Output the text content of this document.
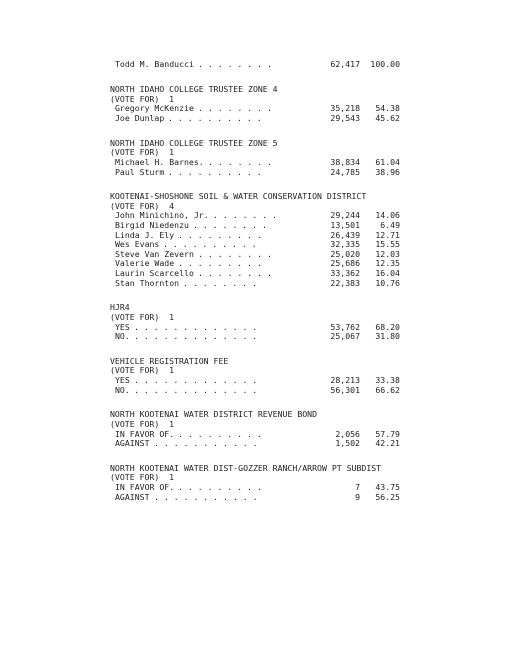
Todd M. Banducci . . . . . . . .	62,417 100.00
NORTH IDAHO COLLEGE TRUSTEE ZONE 4
(VOTE FOR)  1
Gregory McKenzie . . . . . . . .	35,218 54.38
Joe Dunlap . . . . . . . . . .	29,543 45.62
NORTH IDAHO COLLEGE TRUSTEE ZONE 5
(VOTE FOR)  1
Michael H. Barnes. . . . . . . .	38,834 61.04
Paul Sturm . . . . . . . . . .	24,785 38.96
KOOTENAI-SHOSHONE SOIL & WATER CONSERVATION DISTRICT
(VOTE FOR)  4
John Minichino, Jr. . . . . . . .	29,244 14.06
Birgid Niedenzu . . . . . . . .	13,501 6.49
Linda J. Ely . . . . . . . . .	26,439 12.71
Wes Evans . . . . . . . . . .	32,335 15.55
Steve Van Zevern . . . . . . . .	25,020 12.03
Valerie Wade . . . . . . . . .	25,686 12.35
Laurin Scarcello . . . . . . . .	33,362 16.04
Stan Thornton . . . . . . . .	22,383 10.76
HJR4
(VOTE FOR)  1
YES . . . . . . . . . . . . .	53,762 68.20
NO. . . . . . . . . . . . . .	25,067 31.80
VEHICLE REGISTRATION FEE
(VOTE FOR)  1
YES . . . . . . . . . . . . .	28,213 33.38
NO. . . . . . . . . . . . . .	56,301 66.62
NORTH KOOTENAI WATER DISTRICT REVENUE BOND
(VOTE FOR)  1
IN FAVOR OF. . . . . . . . . .	2,056 57.79
AGAINST . . . . . . . . . . .	1,502 42.21
NORTH KOOTENAI WATER DIST-GOZZER RANCH/ARROW PT SUBDIST
(VOTE FOR)  1
IN FAVOR OF. . . . . . . . . .	7 43.75
AGAINST . . . . . . . . . . .	9 56.25
